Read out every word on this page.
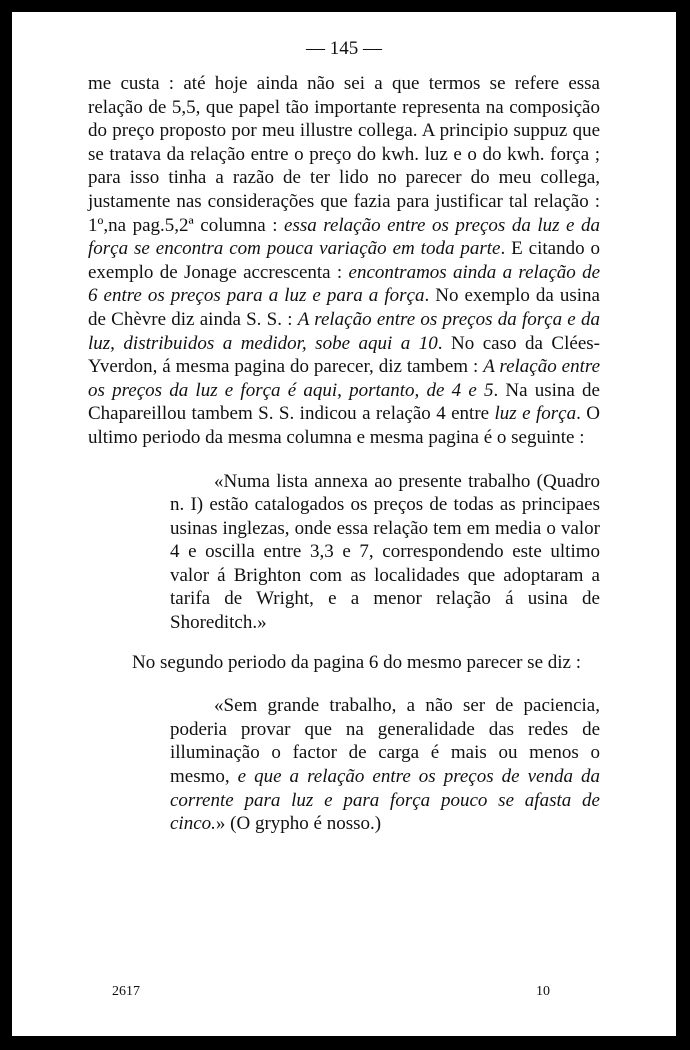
— 145 —

me custa : até hoje ainda não sei a que termos se refere essa relação de 5,5, que papel tão importante representa na composição do preço proposto por meu illustre collega. A principio suppuz que se tratava da relação entre o preço do kwh. luz e o do kwh. força ; para isso tinha a razão de ter lido no parecer do meu collega, justamente nas considerações que fazia para justificar tal relação : 1º,na pag.5,2ª columna : essa relação entre os preços da luz e da força se encontra com pouca variação em toda parte. E citando o exemplo de Jonage accrescenta : encontramos ainda a relação de 6 entre os preços para a luz e para a força. No exemplo da usina de Chèvre diz ainda S. S. : A relação entre os preços da força e da luz, distribuidos a medidor, sobe aqui a 10. No caso da Clées-Yverdon, á mesma pagina do parecer, diz tambem : A relação entre os preços da luz e força é aqui, portanto, de 4 e 5. Na usina de Chapareillou tambem S. S. indicou a relação 4 entre luz e força. O ultimo periodo da mesma columna e mesma pagina é o seguinte :

«Numa lista annexa ao presente trabalho (Quadro n. I) estão catalogados os preços de todas as principaes usinas inglezas, onde essa relação tem em media o valor 4 e oscilla entre 3,3 e 7, correspondendo este ultimo valor á Brighton com as localidades que adoptaram a tarifa de Wright, e a menor relação á usina de Shoreditch.»

No segundo periodo da pagina 6 do mesmo parecer se diz :

«Sem grande trabalho, a não ser de paciencia, poderia provar que na generalidade das redes de illuminação o factor de carga é mais ou menos o mesmo, e que a relação entre os preços de venda da corrente para luz e para força pouco se afasta de cinco.» (O grypho é nosso.)

2617	10
